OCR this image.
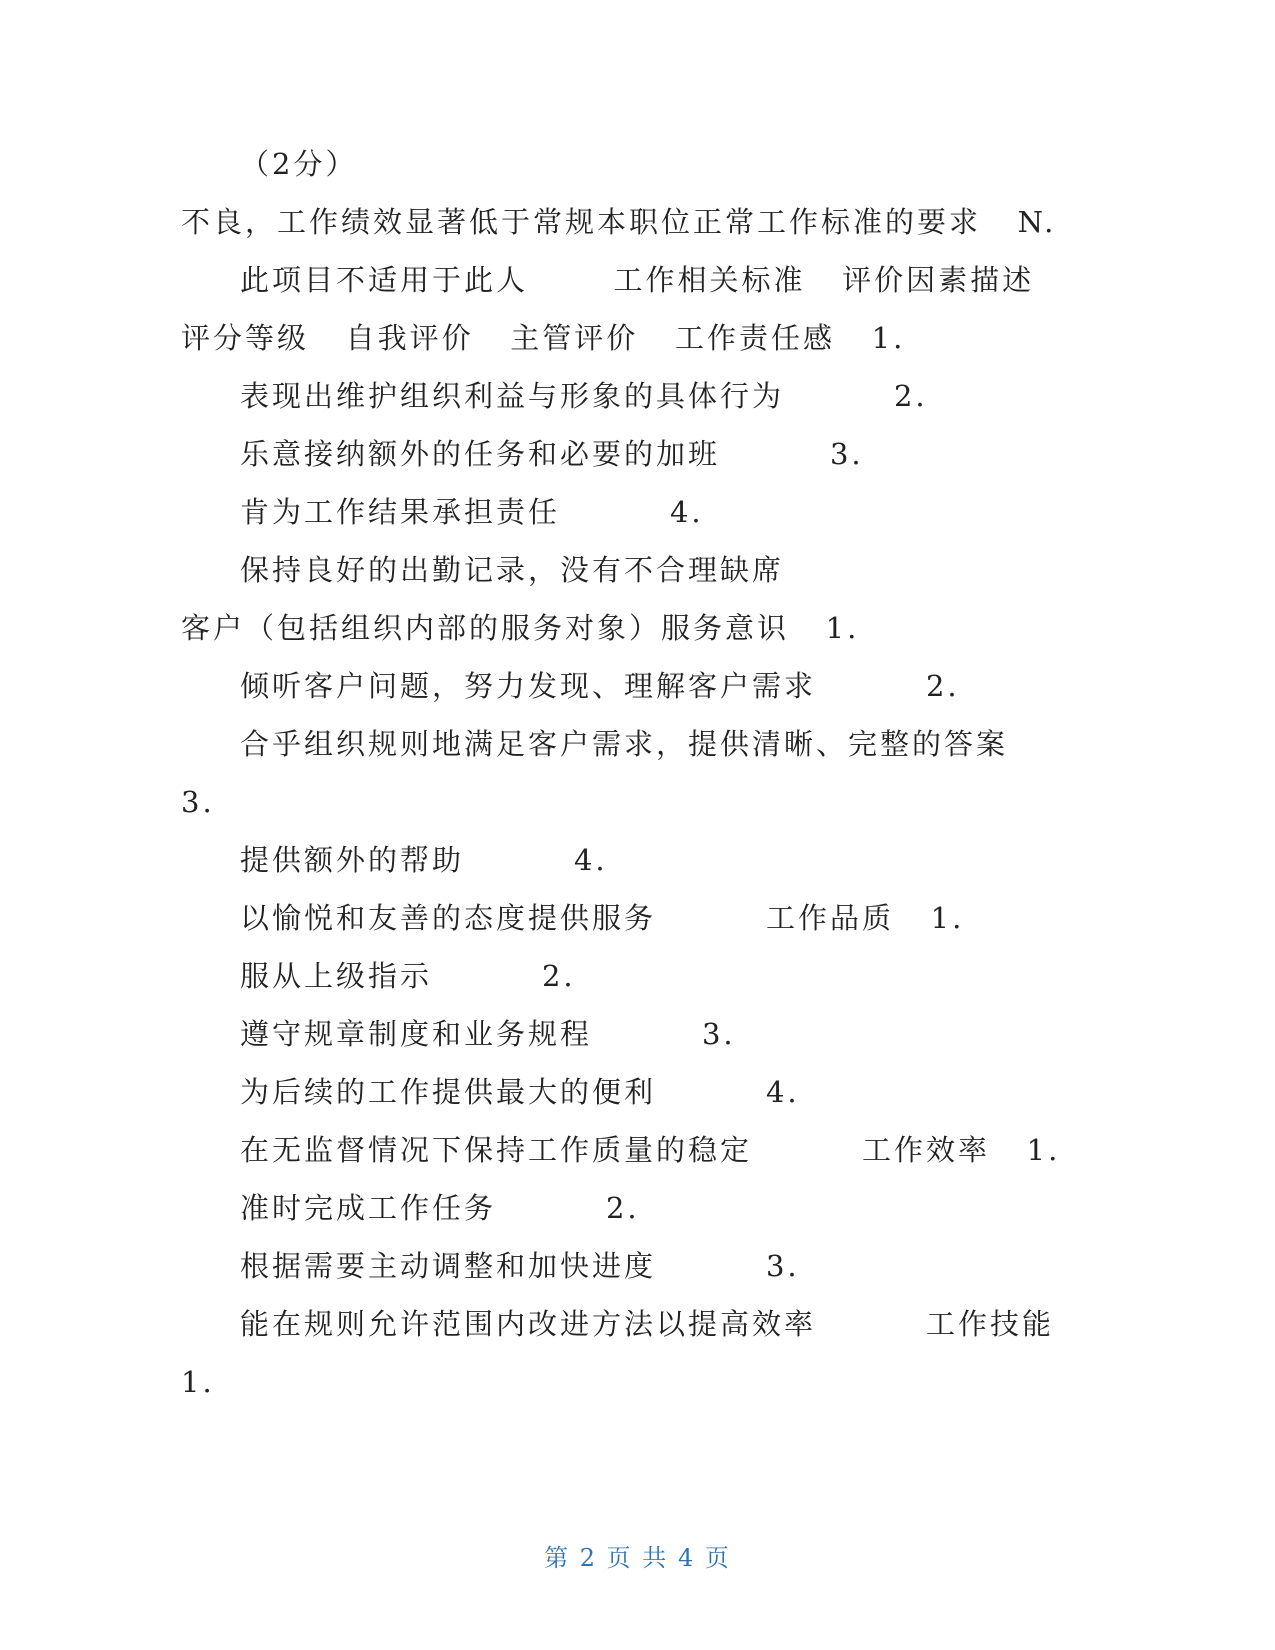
（2分）
不良，工作绩效显著低于常规本职位正常工作标准的要求   N.
此项目不适用于此人       工作相关标准   评价因素描述
评分等级   自我评价   主管评价   工作责任感   1.
表现出维护组织利益与形象的具体行为         2.
乐意接纳额外的任务和必要的加班         3.
肯为工作结果承担责任         4.
保持良好的出勤记录，没有不合理缺席
客户（包括组织内部的服务对象）服务意识   1.
倾听客户问题，努力发现、理解客户需求         2.
合乎组织规则地满足客户需求，提供清晰、完整的答案
3.
提供额外的帮助         4.
以愉悦和友善的态度提供服务         工作品质   1.
服从上级指示         2.
遵守规章制度和业务规程         3.
为后续的工作提供最大的便利         4.
在无监督情况下保持工作质量的稳定         工作效率   1.
准时完成工作任务         2.
根据需要主动调整和加快进度         3.
能在规则允许范围内改进方法以提高效率         工作技能
1.
第 2 页 共 4 页
